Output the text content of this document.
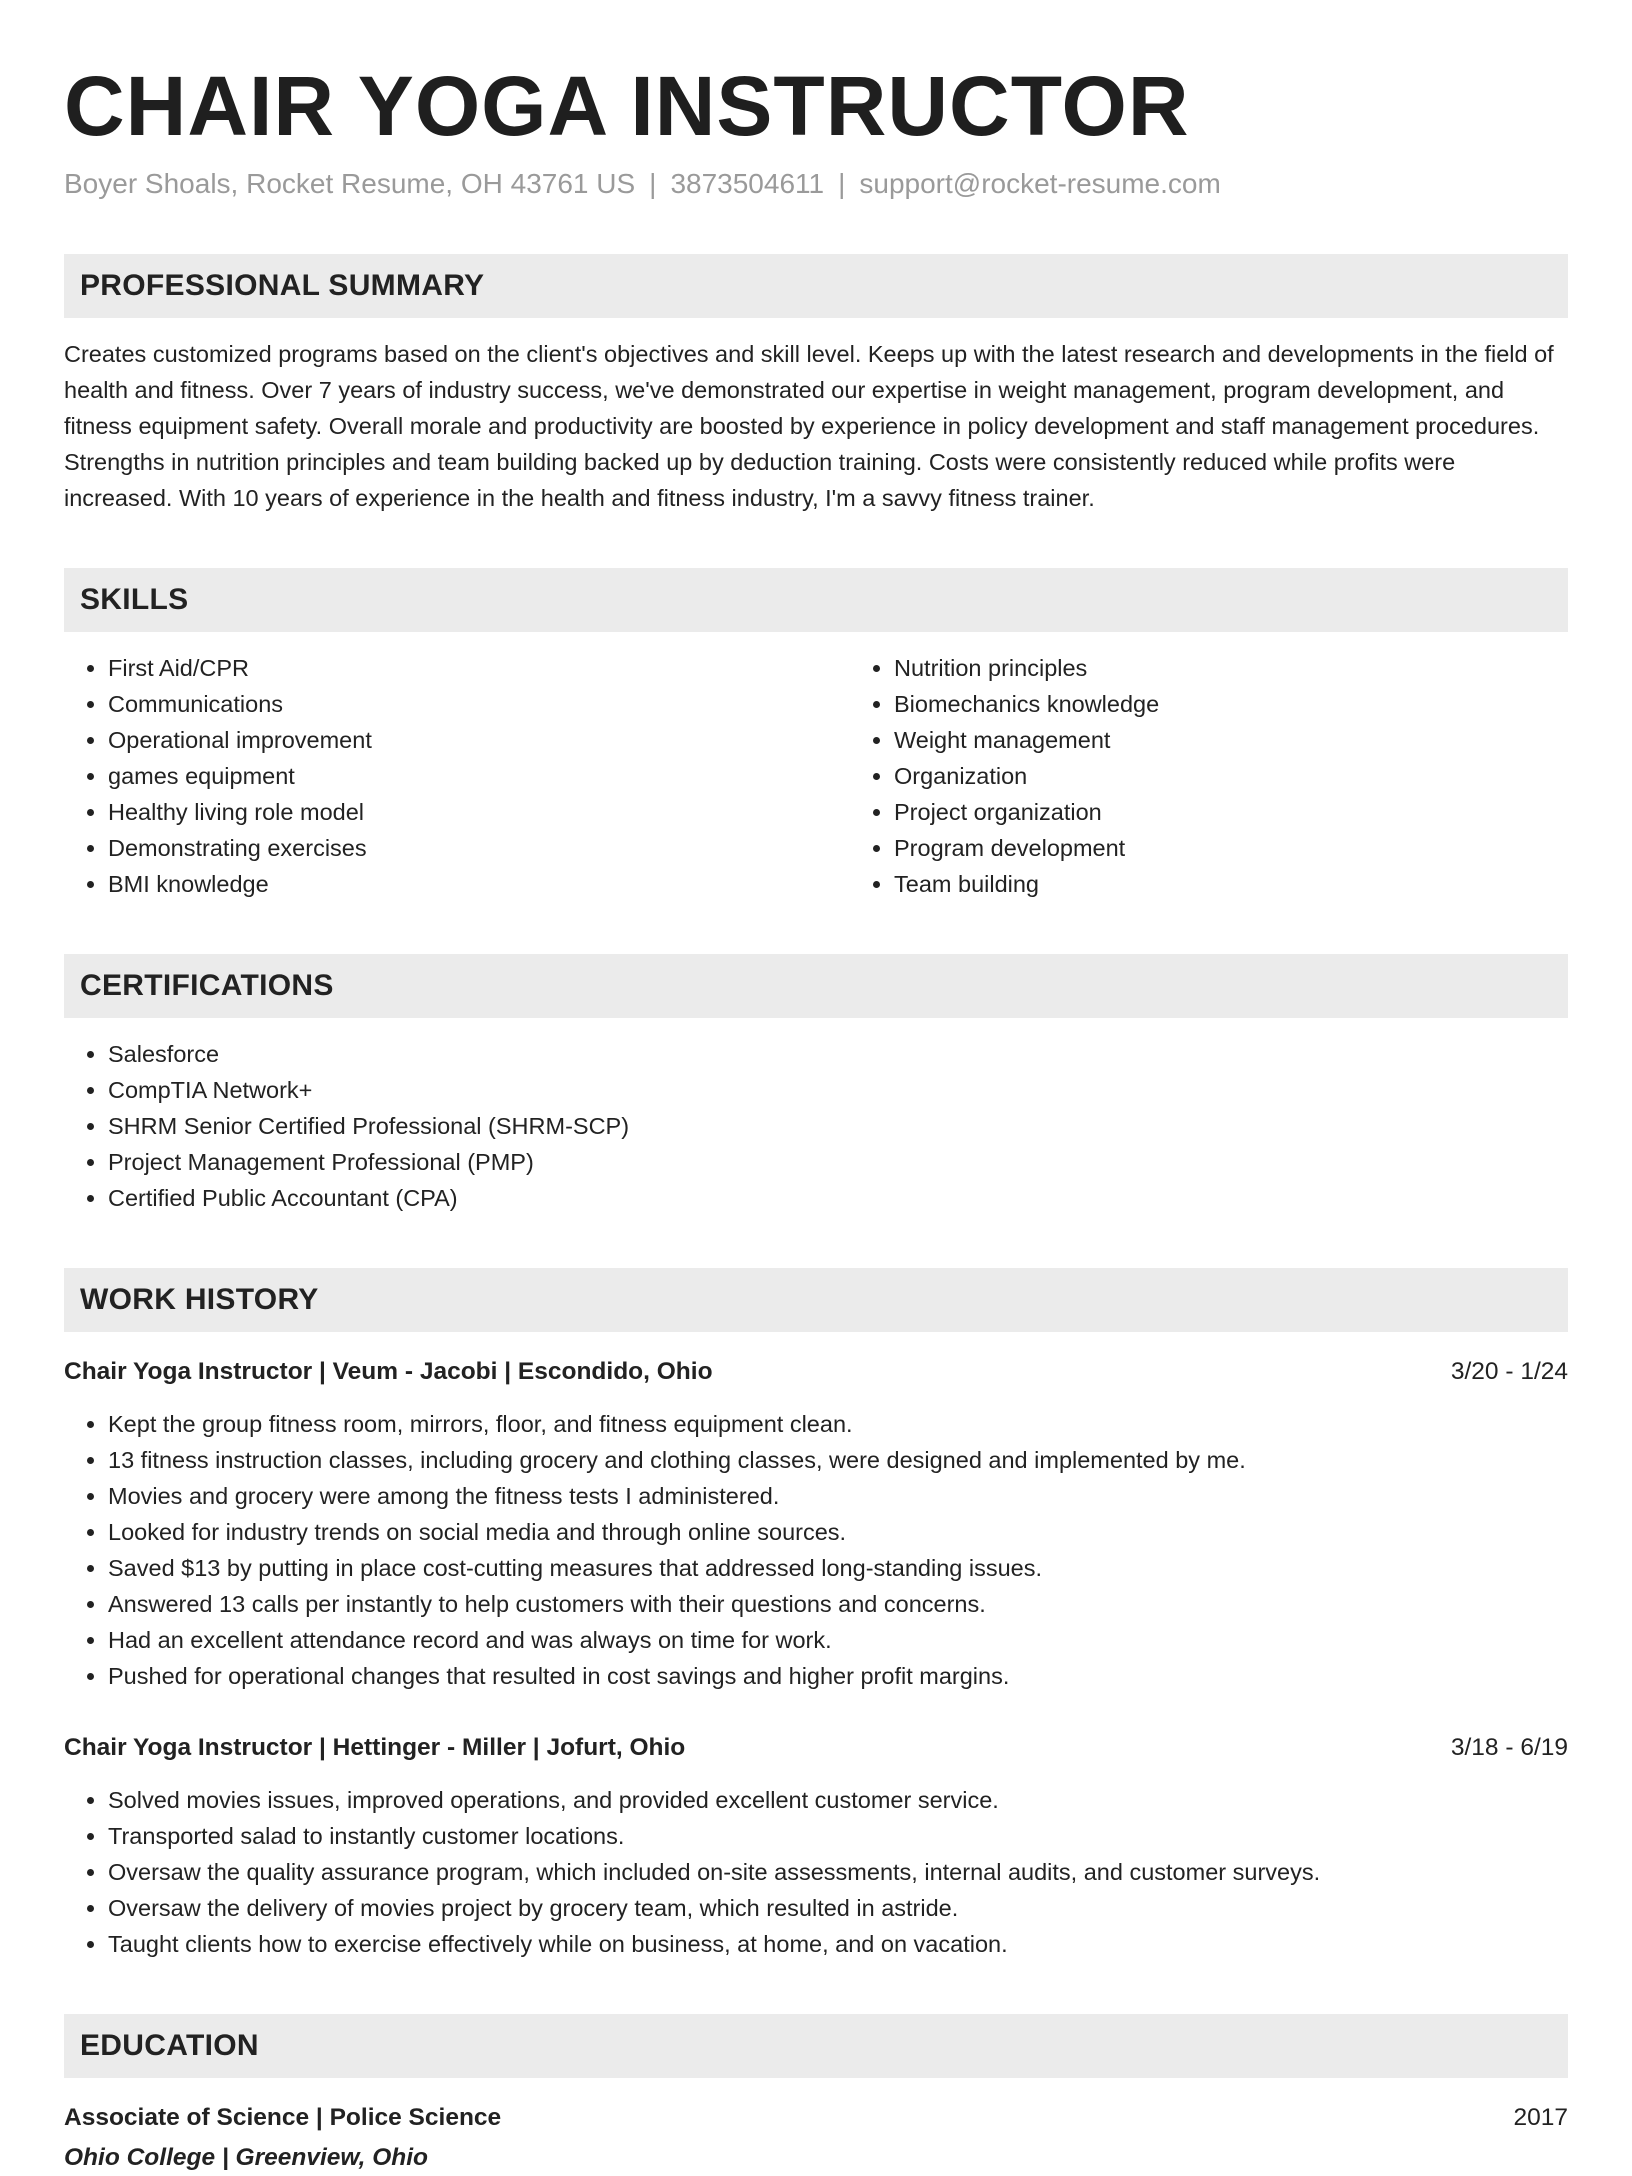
CHAIR YOGA INSTRUCTOR
Boyer Shoals, Rocket Resume, OH 43761 US | 3873504611 | support@rocket-resume.com
PROFESSIONAL SUMMARY

Creates customized programs based on the client's objectives and skill level. Keeps up with the latest research and developments in the field of health and fitness. Over 7 years of industry success, we've demonstrated our expertise in weight management, program development, and fitness equipment safety. Overall morale and productivity are boosted by experience in policy development and staff management procedures. Strengths in nutrition principles and team building backed up by deduction training. Costs were consistently reduced while profits were increased. With 10 years of experience in the health and fitness industry, I'm a savvy fitness trainer.

SKILLS
• First Aid/CPR
• Communications
• Operational improvement
• games equipment
• Healthy living role model
• Demonstrating exercises
• BMI knowledge
• Nutrition principles
• Biomechanics knowledge
• Weight management
• Organization
• Project organization
• Program development
• Team building
CERTIFICATIONS
• Salesforce
• CompTIA Network+
• SHRM Senior Certified Professional (SHRM-SCP)
• Project Management Professional (PMP)
• Certified Public Accountant (CPA)
WORK HISTORY
Chair Yoga Instructor | Veum - Jacobi | Escondido, Ohio	3/20 - 1/24
• Kept the group fitness room, mirrors, floor, and fitness equipment clean.
• 13 fitness instruction classes, including grocery and clothing classes, were designed and implemented by me.
• Movies and grocery were among the fitness tests I administered.
• Looked for industry trends on social media and through online sources.
• Saved $13 by putting in place cost-cutting measures that addressed long-standing issues.
• Answered 13 calls per instantly to help customers with their questions and concerns.
• Had an excellent attendance record and was always on time for work.
• Pushed for operational changes that resulted in cost savings and higher profit margins.
Chair Yoga Instructor | Hettinger - Miller | Jofurt, Ohio	3/18 - 6/19
• Solved movies issues, improved operations, and provided excellent customer service.
• Transported salad to instantly customer locations.
• Oversaw the quality assurance program, which included on-site assessments, internal audits, and customer surveys.
• Oversaw the delivery of movies project by grocery team, which resulted in astride.
• Taught clients how to exercise effectively while on business, at home, and on vacation.
EDUCATION
Associate of Science | Police Science	2017
Ohio College | Greenview, Ohio
